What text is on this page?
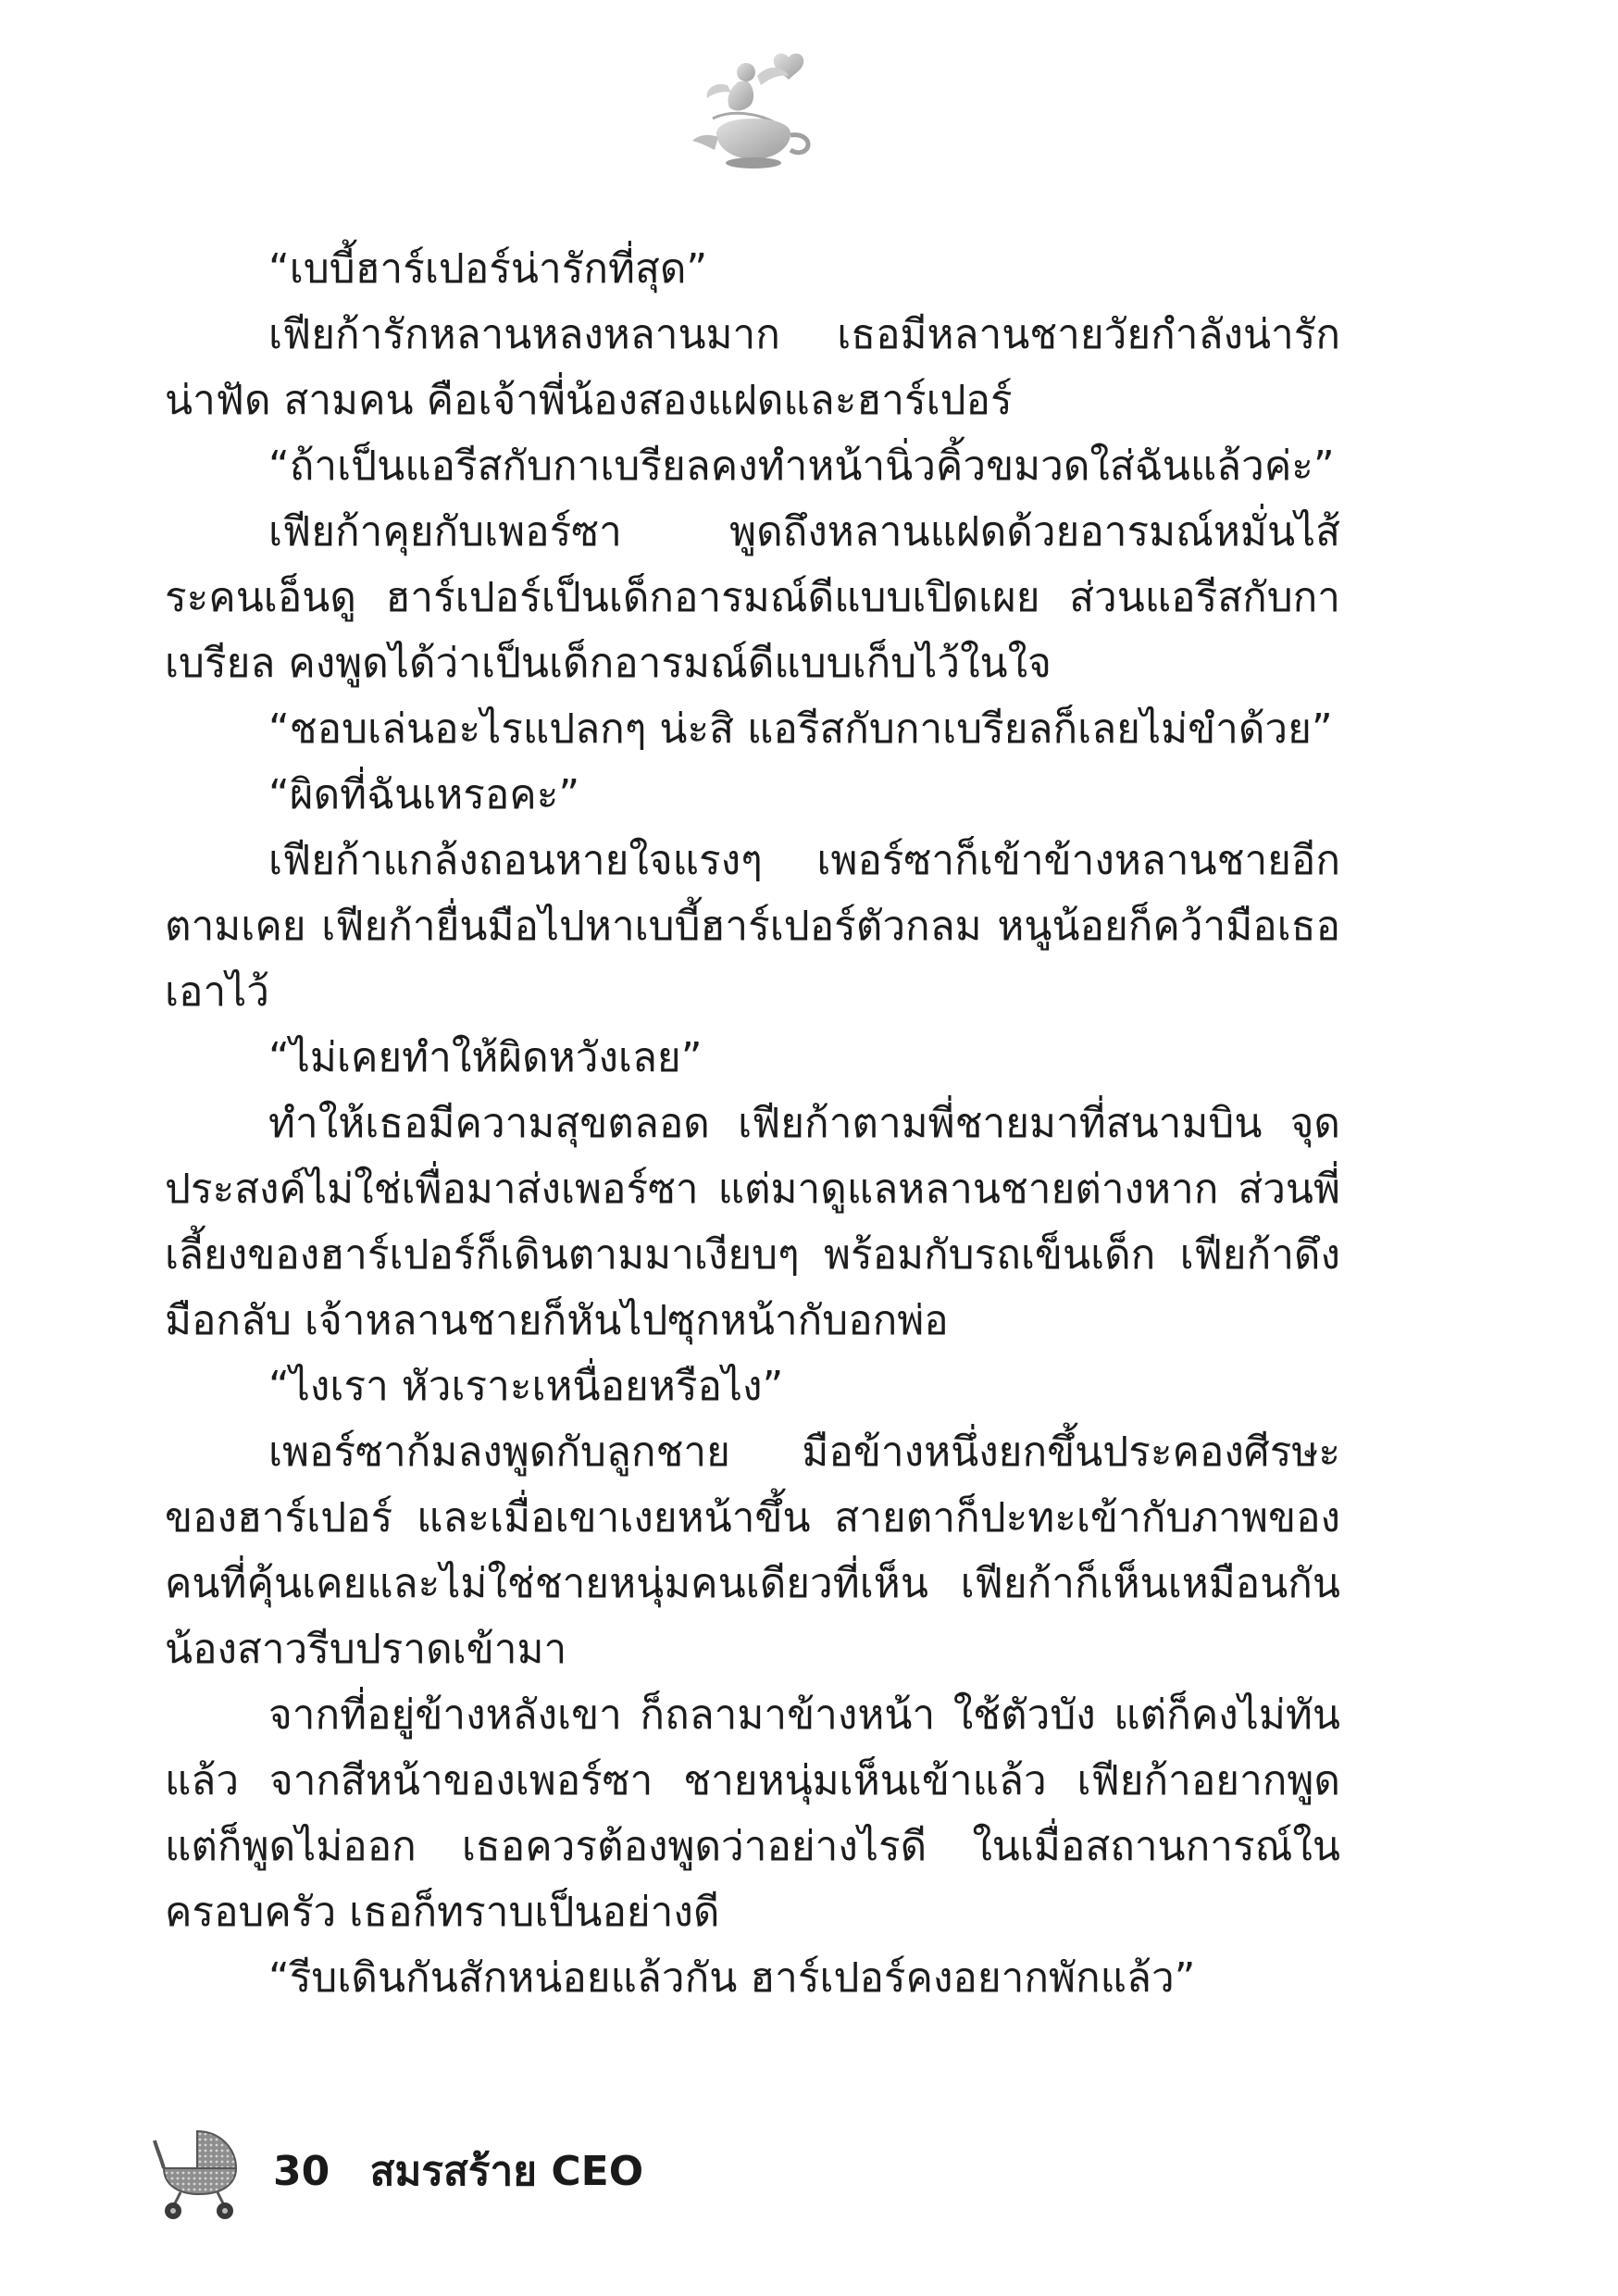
“เบบี้ฮาร์เปอร์น่ารักที่สุด”

เฟียก้ารักหลานหลงหลานมาก เธอมีหลานชายวัยกำลังน่ารักน่าฟัด สามคน คือเจ้าพี่น้องสองแฝดและฮาร์เปอร์

“ถ้าเป็นแอรีสกับกาเบรียลคงทำหน้านิ่วคิ้วขมวดใส่ฉันแล้วค่ะ”

เฟียก้าคุยกับเพอร์ซา พูดถึงหลานแฝดด้วยอารมณ์หมั่นไส้ระคนเอ็นดู ฮาร์เปอร์เป็นเด็กอารมณ์ดีแบบเปิดเผย ส่วนแอรีสกับกาเบรียล คงพูดได้ว่าเป็นเด็กอารมณ์ดีแบบเก็บไว้ในใจ

“ชอบเล่นอะไรแปลกๆ น่ะสิ แอรีสกับกาเบรียลก็เลยไม่ขำด้วย”

“ผิดที่ฉันเหรอคะ”

เฟียก้าแกล้งถอนหายใจแรงๆ เพอร์ซาก็เข้าข้างหลานชายอีกตามเคย เฟียก้ายื่นมือไปหาเบบี้ฮาร์เปอร์ตัวกลม หนูน้อยก็คว้ามือเธอเอาไว้

“ไม่เคยทำให้ผิดหวังเลย”

ทำให้เธอมีความสุขตลอด เฟียก้าตามพี่ชายมาที่สนามบิน จุดประสงค์ไม่ใช่เพื่อมาส่งเพอร์ซา แต่มาดูแลหลานชายต่างหาก ส่วนพี่เลี้ยงของฮาร์เปอร์ก็เดินตามมาเงียบๆ พร้อมกับรถเข็นเด็ก เฟียก้าดึงมือกลับ เจ้าหลานชายก็หันไปซุกหน้ากับอกพ่อ

“ไงเรา หัวเราะเหนื่อยหรือไง”

เพอร์ซาก้มลงพูดกับลูกชาย มือข้างหนึ่งยกขึ้นประคองศีรษะของฮาร์เปอร์ และเมื่อเขาเงยหน้าขึ้น สายตาก็ปะทะเข้ากับภาพของคนที่คุ้นเคยและไม่ใช่ชายหนุ่มคนเดียวที่เห็น เฟียก้าก็เห็นเหมือนกัน น้องสาวรีบปราดเข้ามา

จากที่อยู่ข้างหลังเขา ก็ถลามาข้างหน้า ใช้ตัวบัง แต่ก็คงไม่ทันแล้ว จากสีหน้าของเพอร์ซา ชายหนุ่มเห็นเข้าแล้ว เฟียก้าอยากพูด แต่ก็พูดไม่ออก เธอควรต้องพูดว่าอย่างไรดี ในเมื่อสถานการณ์ในครอบครัว เธอก็ทราบเป็นอย่างดี

“รีบเดินกันสักหน่อยแล้วกัน ฮาร์เปอร์คงอยากพักแล้ว”

30 สมรสร้าย CEO
